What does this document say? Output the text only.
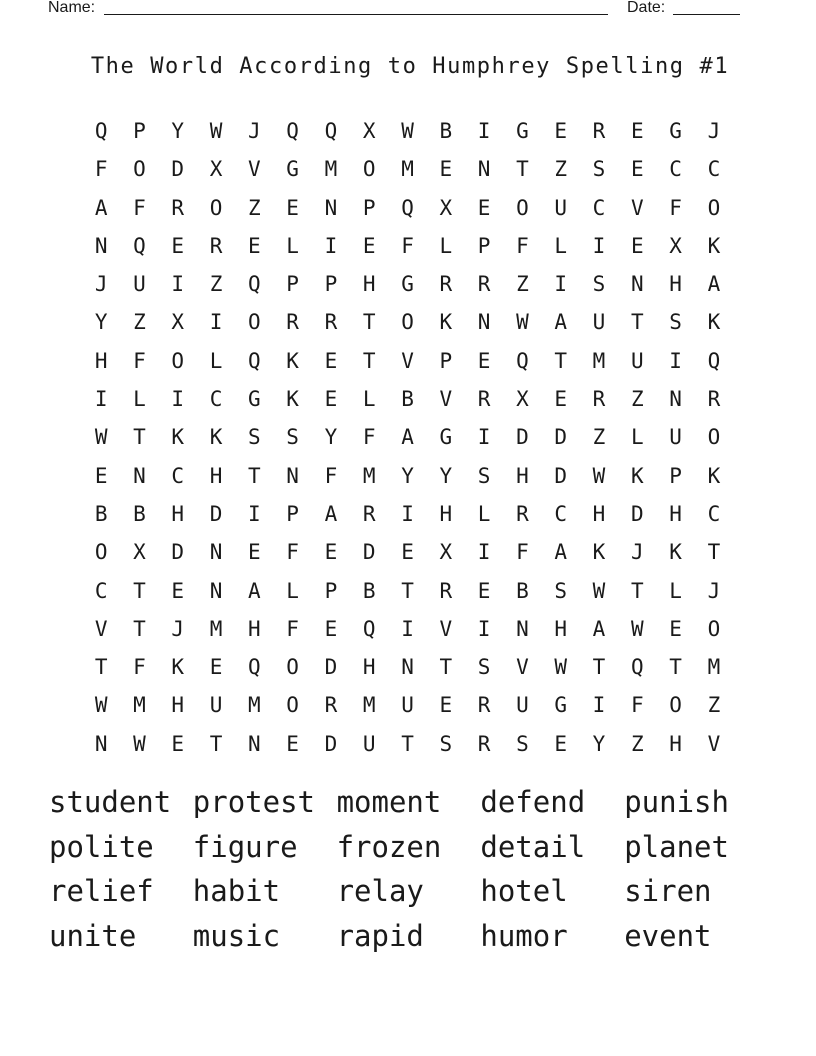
Name:	Date:
The World According to Humphrey Spelling #1
Q	P	Y	W	J	Q	Q	X	W	B	I	G	E	R	E	G	J
F	O	D	X	V	G	M	O	M	E	N	T	Z	S	E	C	C
A	F	R	O	Z	E	N	P	Q	X	E	O	U	C	V	F	O
N	Q	E	R	E	L	I	E	F	L	P	F	L	I	E	X	K
J	U	I	Z	Q	P	P	H	G	R	R	Z	I	S	N	H	A
Y	Z	X	I	O	R	R	T	O	K	N	W	A	U	T	S	K
H	F	O	L	Q	K	E	T	V	P	E	Q	T	M	U	I	Q
I	L	I	C	G	K	E	L	B	V	R	X	E	R	Z	N	R
W	T	K	K	S	S	Y	F	A	G	I	D	D	Z	L	U	O
E	N	C	H	T	N	F	M	Y	Y	S	H	D	W	K	P	K
B	B	H	D	I	P	A	R	I	H	L	R	C	H	D	H	C
O	X	D	N	E	F	E	D	E	X	I	F	A	K	J	K	T
C	T	E	N	A	L	P	B	T	R	E	B	S	W	T	L	J
V	T	J	M	H	F	E	Q	I	V	I	N	H	A	W	E	O
T	F	K	E	Q	O	D	H	N	T	S	V	W	T	Q	T	M
W	M	H	U	M	O	R	M	U	E	R	U	G	I	F	O	Z
N	W	E	T	N	E	D	U	T	S	R	S	E	Y	Z	H	V
student protest moment	defend	punish
polite	figure	frozen	detail	planet
relief	habit	relay	hotel	siren
unite	music	rapid	humor	event
